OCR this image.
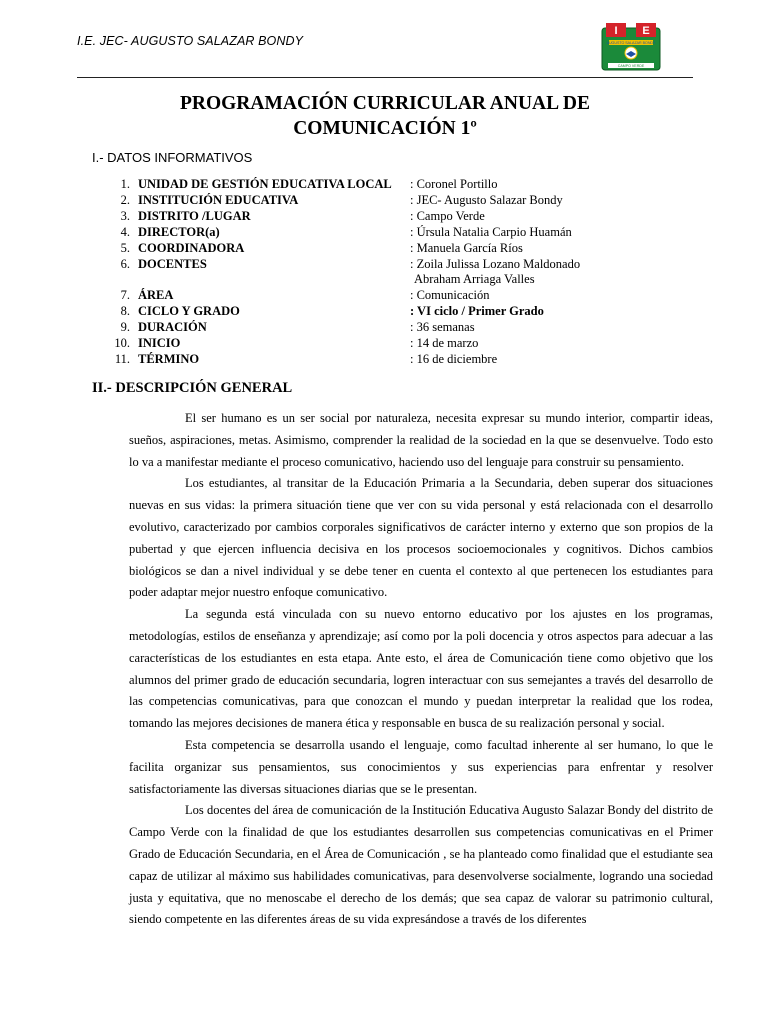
I.E. JEC- AUGUSTO SALAZAR BONDY
I E
AUGUSTO SALAZAR BONDY
CAMPO VERDE
PROGRAMACIÓN CURRICULAR ANUAL DE COMUNICACIÓN 1º
I.- DATOS INFORMATIVOS
1. UNIDAD DE GESTIÓN EDUCATIVA LOCAL : Coronel Portillo
2. INSTITUCIÓN EDUCATIVA	: JEC- Augusto Salazar Bondy
3. DISTRITO /LUGAR	: Campo Verde
4. DIRECTOR(a)	: Úrsula Natalia Carpio Huamán
5. COORDINADORA	: Manuela García Ríos
6. DOCENTES	: Zoila Julissa Lozano Maldonado
Abraham Arriaga Valles
7. ÁREA	: Comunicación
8. CICLO Y GRADO	: VI ciclo / Primer Grado
9. DURACIÓN	: 36 semanas
10. INICIO	: 14 de marzo
11. TÉRMINO	: 16 de diciembre
II.- DESCRIPCIÓN GENERAL

El ser humano es un ser social por naturaleza, necesita expresar su mundo interior, compartir ideas, sueños, aspiraciones, metas. Asimismo, comprender la realidad de la sociedad en la que se desenvuelve. Todo esto lo va a manifestar mediante el proceso comunicativo, haciendo uso del lenguaje para construir su pensamiento.

Los estudiantes, al transitar de la Educación Primaria a la Secundaria, deben superar dos situaciones nuevas en sus vidas: la primera situación tiene que ver con su vida personal y está relacionada con el desarrollo evolutivo, caracterizado por cambios corporales significativos de carácter interno y externo que son propios de la pubertad y que ejercen influencia decisiva en los procesos socioemocionales y cognitivos. Dichos cambios biológicos se dan a nivel individual y se debe tener en cuenta el contexto al que pertenecen los estudiantes para poder adaptar mejor nuestro enfoque comunicativo.

La segunda está vinculada con su nuevo entorno educativo por los ajustes en los programas, metodologías, estilos de enseñanza y aprendizaje; así como por la poli docencia y otros aspectos para adecuar a las características de los estudiantes en esta etapa. Ante esto, el área de Comunicación tiene como objetivo que los alumnos del primer grado de educación secundaria, logren interactuar con sus semejantes a través del desarrollo de las competencias comunicativas, para que conozcan el mundo y puedan interpretar la realidad que los rodea, tomando las mejores decisiones de manera ética y responsable en busca de su realización personal y social.

Esta competencia se desarrolla usando el lenguaje, como facultad inherente al ser humano, lo que le facilita organizar sus pensamientos, sus conocimientos y sus experiencias para enfrentar y resolver satisfactoriamente las diversas situaciones diarias que se le presentan.

Los docentes del área de comunicación de la Institución Educativa Augusto Salazar Bondy del distrito de Campo Verde con la finalidad de que los estudiantes desarrollen sus competencias comunicativas en el Primer Grado de Educación Secundaria, en el Área de Comunicación , se ha planteado como finalidad que el estudiante sea capaz de utilizar al máximo sus habilidades comunicativas, para desenvolverse socialmente, logrando una sociedad justa y equitativa, que no menoscabe el derecho de los demás; que sea capaz de valorar su patrimonio cultural, siendo competente en las diferentes áreas de su vida expresándose a través de los diferentes
